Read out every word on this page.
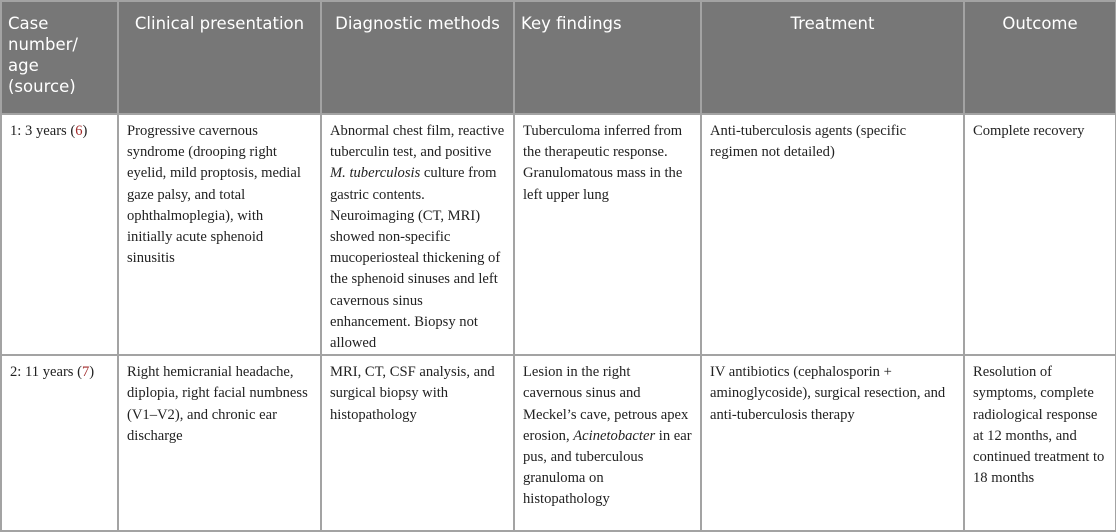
Case number/ age (source)	Clinical presentation	Diagnostic methods	Key findings	Treatment	Outcome
1: 3 years (6)	Progressive cavernous syndrome (drooping right eyelid, mild proptosis, medial gaze palsy, and total ophthalmoplegia), with initially acute sphenoid sinusitis	Abnormal chest film, reactive tuberculin test, and positive M. tuberculosis culture from gastric contents. Neuroimaging (CT, MRI) showed non-specific mucoperiosteal thickening of the sphenoid sinuses and left cavernous sinus enhancement. Biopsy not allowed	Tuberculoma inferred from the therapeutic response. Granulomatous mass in the left upper lung	Anti-tuberculosis agents (specific regimen not detailed)	Complete recovery
2: 11 years (7)	Right hemicranial headache, diplopia, right facial numbness (V1–V2), and chronic ear discharge	MRI, CT, CSF analysis, and surgical biopsy with histopathology	Lesion in the right cavernous sinus and Meckel’s cave, petrous apex erosion, Acinetobacter in ear pus, and tuberculous granuloma on histopathology	IV antibiotics (cephalosporin + aminoglycoside), surgical resection, and anti-tuberculosis therapy	Resolution of symptoms, complete radiological response at 12 months, and continued treatment to 18 months
